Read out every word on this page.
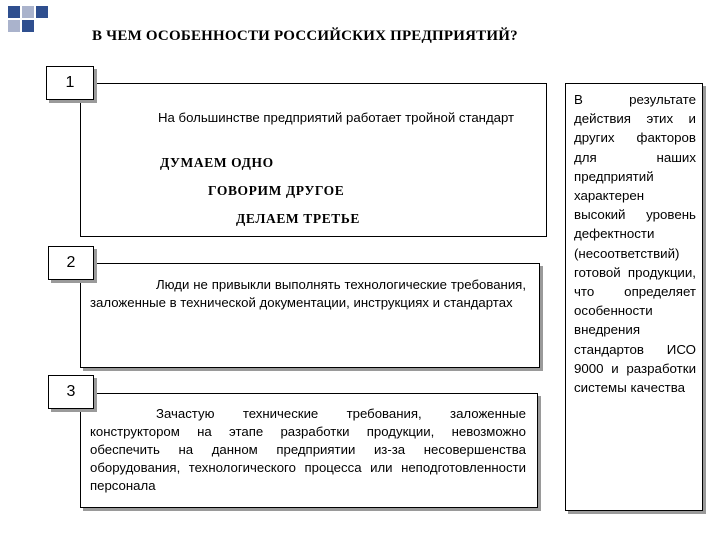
В ЧЕМ ОСОБЕННОСТИ РОССИЙСКИХ ПРЕДПРИЯТИЙ?
1
На большинстве предприятий работает тройной стандарт
ДУМАЕМ ОДНО
ГОВОРИМ ДРУГОЕ
ДЕЛАЕМ ТРЕТЬЕ
2
Люди не привыкли выполнять технологические требования, заложенные в технической документации, инструкциях и стандартах
3
Зачастую технические требования, заложенные конструктором на этапе разработки продукции, невозможно обеспечить на данном предприятии из-за несовершенства оборудования, технологического процесса или неподготовленности персонала
В результате действия этих и других факторов для наших предприятий характерен высокий уровень дефектности (несоответствий) готовой продукции, что определяет особенности внедрения стандартов ИСО 9000 и разработки системы качества
